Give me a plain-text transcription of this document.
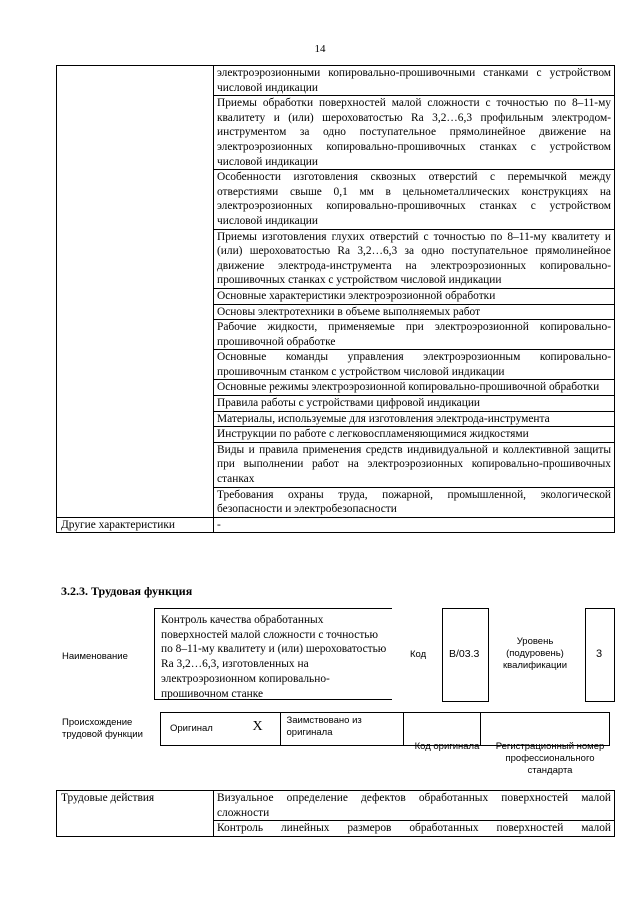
14
	электроэрозионными копировально-прошивочными станками с устройством числовой индикации
	Приемы обработки поверхностей малой сложности с точностью по 8–11-му квалитету и (или) шероховатостью Ra 3,2…6,3 профильным электродом-инструментом за одно поступательное прямолинейное движение на электроэрозионных копировально-прошивочных станках с устройством числовой индикации
	Особенности изготовления сквозных отверстий с перемычкой между отверстиями свыше 0,1 мм в цельнометаллических конструкциях на электроэрозионных копировально-прошивочных станках с устройством числовой индикации
	Приемы изготовления глухих отверстий с точностью по 8–11-му квалитету и (или) шероховатостью Ra 3,2…6,3 за одно поступательное прямолинейное движение электрода-инструмента на электроэрозионных копировально-прошивочных станках с устройством числовой индикации
	Основные характеристики электроэрозионной обработки
	Основы электротехники в объеме выполняемых работ
	Рабочие жидкости, применяемые при электроэрозионной копировально-прошивочной обработке
	Основные команды управления электроэрозионным копировально-прошивочным станком с устройством числовой индикации
	Основные режимы электроэрозионной копировально-прошивочной обработки
	Правила работы с устройствами цифровой индикации
	Материалы, используемые для изготовления электрода-инструмента
	Инструкции по работе с легковоспламеняющимися жидкостями
	Виды и правила применения средств индивидуальной и коллективной защиты при выполнении работ на электроэрозионных копировально-прошивочных станках
	Требования охраны труда, пожарной, промышленной, экологической безопасности и электробезопасности
Другие характеристики	-
3.2.3. Трудовая функция
Наименование
Контроль качества обработанных поверхностей малой сложности с точностью по 8–11-му квалитету и (или) шероховатостью Ra 3,2…6,3, изготовленных на электроэрозионном копировально-прошивочном станке
Код B/03.3
Уровень (подуровень) квалификации
3
Происхождение трудовой функции
Оригинал	X	Заимствовано из оригинала		
Код оригинала	Регистрационный номер профессионального стандарта
Трудовые действия	Визуальное определение дефектов обработанных поверхностей малой сложности
Контроль линейных размеров обработанных поверхностей малой
